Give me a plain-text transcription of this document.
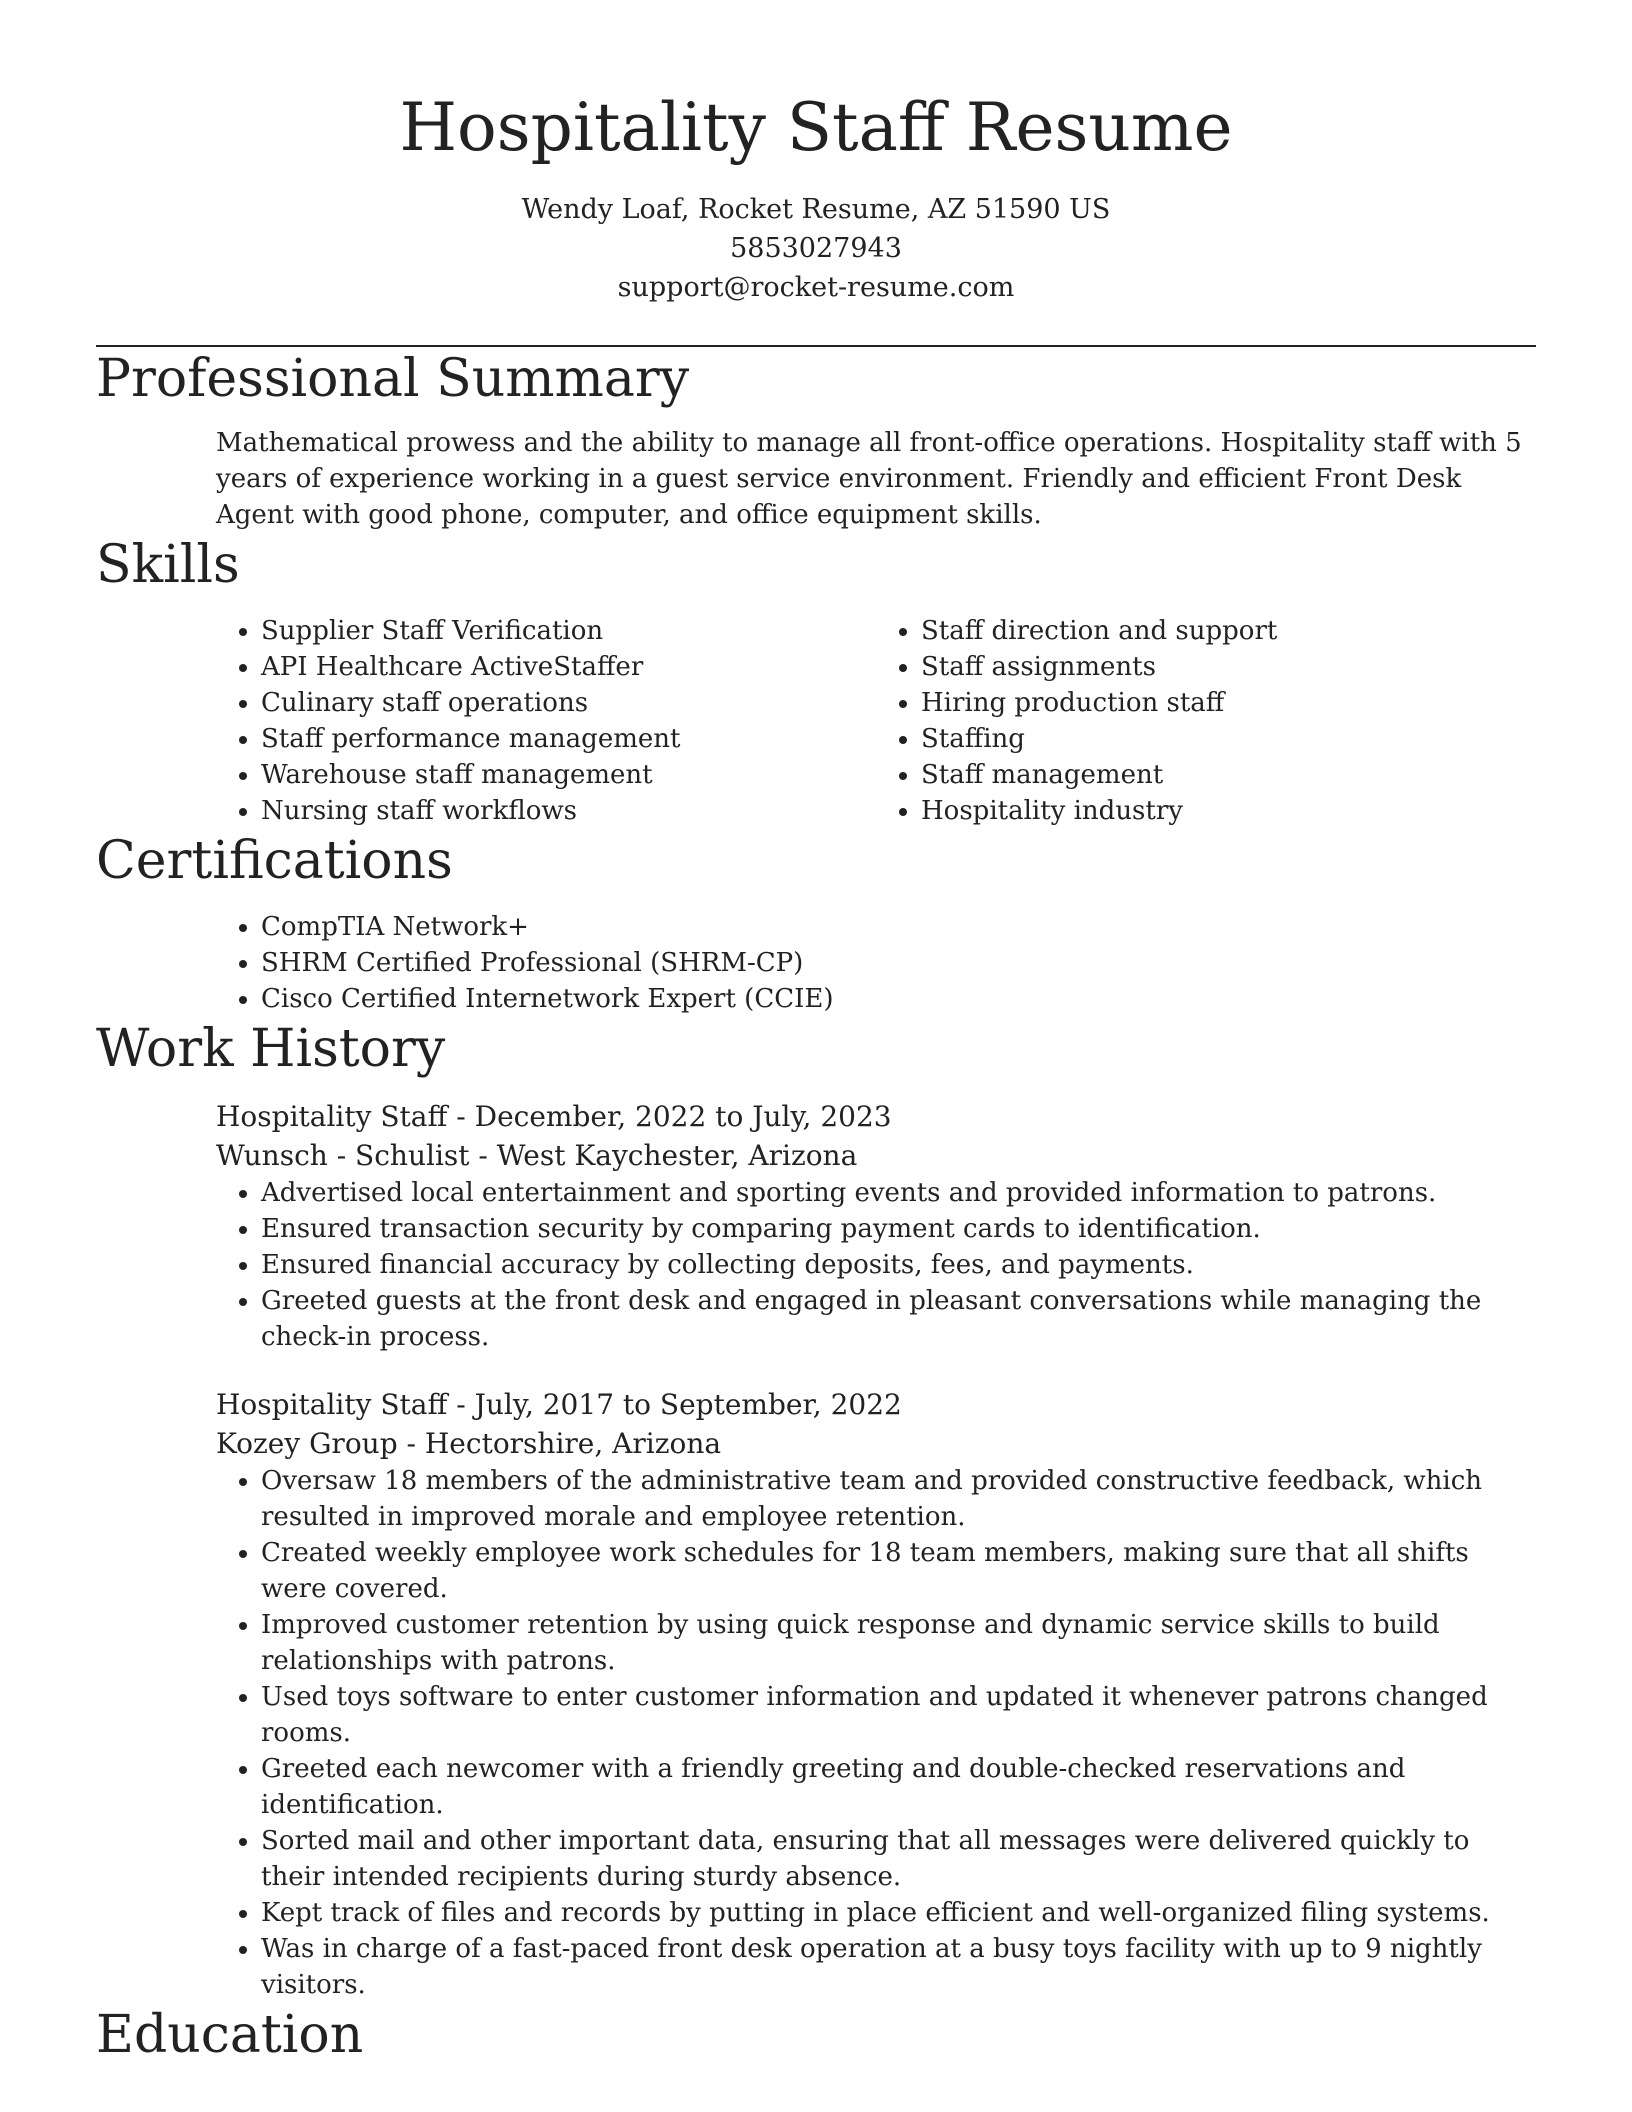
Hospitality Staff Resume
Wendy Loaf, Rocket Resume, AZ 51590 US
5853027943
support@rocket-resume.com
Professional Summary

Mathematical prowess and the ability to manage all front-office operations. Hospitality staff with 5 years of experience working in a guest service environment. Friendly and efficient Front Desk Agent with good phone, computer, and office equipment skills.

Skills
• Supplier Staff Verification
• API Healthcare ActiveStaffer
• Culinary staff operations
• Staff performance management
• Warehouse staff management
• Nursing staff workflows
• Staff direction and support
• Staff assignments
• Hiring production staff
• Staffing
• Staff management
• Hospitality industry
Certifications
• CompTIA Network+
• SHRM Certified Professional (SHRM-CP)
• Cisco Certified Internetwork Expert (CCIE)
Work History
Hospitality Staff - December, 2022 to July, 2023
Wunsch - Schulist - West Kaychester, Arizona
• Advertised local entertainment and sporting events and provided information to patrons.
• Ensured transaction security by comparing payment cards to identification.
• Ensured financial accuracy by collecting deposits, fees, and payments.
• Greeted guests at the front desk and engaged in pleasant conversations while managing the check-in process.
Hospitality Staff - July, 2017 to September, 2022
Kozey Group - Hectorshire, Arizona
• Oversaw 18 members of the administrative team and provided constructive feedback, which resulted in improved morale and employee retention.
• Created weekly employee work schedules for 18 team members, making sure that all shifts were covered.
• Improved customer retention by using quick response and dynamic service skills to build relationships with patrons.
• Used toys software to enter customer information and updated it whenever patrons changed rooms.
• Greeted each newcomer with a friendly greeting and double-checked reservations and identification.
• Sorted mail and other important data, ensuring that all messages were delivered quickly to their intended recipients during sturdy absence.
• Kept track of files and records by putting in place efficient and well-organized filing systems.
• Was in charge of a fast-paced front desk operation at a busy toys facility with up to 9 nightly visitors.
Education
